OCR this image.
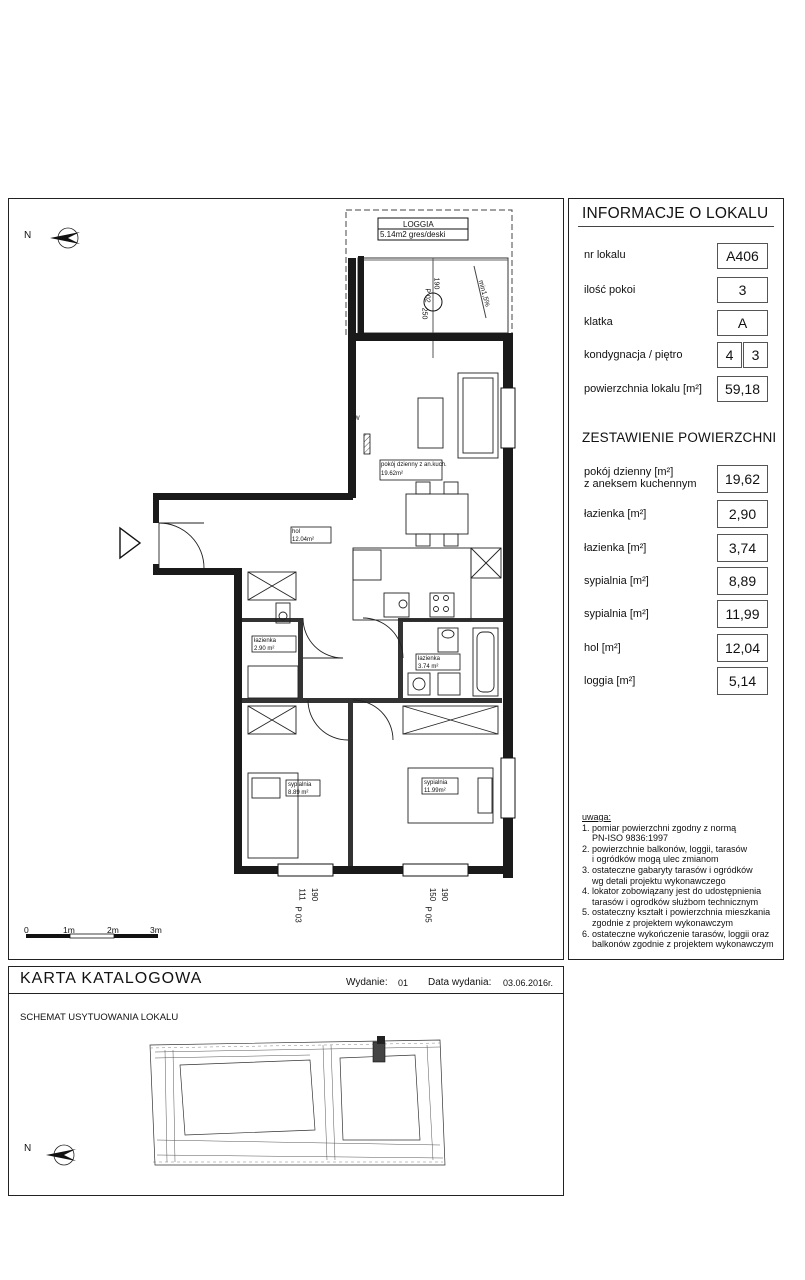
LOGGIA
5.14m2 gres/deski
P 02
190
250
min1,5%
W
pokój dzienny z an.kuch.
19.62m²
hol
12.04m²
łazienka
2.90 m²
łazienka
3.74 m²
sypialnia
8.89 m²
sypialnia
11.99m²
P 03
111 190
P 05
150 190
N
0	1m	2m	3m
INFORMACJE O LOKALU
nr lokalu	A406
ilość pokoi	3
klatka	A
kondygnacja / piętro	4	3
powierzchnia lokalu [m²]	59,18
ZESTAWIENIE POWIERZCHNI
pokój dzienny [m²]
z aneksem kuchennym	19,62
łazienka [m²]	2,90
łazienka [m²]	3,74
sypialnia [m²]	8,89
sypialnia [m²]	11,99
hol [m²]	12,04
loggia [m²]	5,14
uwaga:
1. pomiar powierzchni zgodny z normą
PN-ISO 9836:1997
2. powierzchnie balkonów, loggii, tarasów
i ogródków mogą ulec zmianom
3. ostateczne gabaryty tarasów i ogródków
wg detali projektu wykonawczego
4. lokator zobowiązany jest do udostępnienia
tarasów i ogrodków służbom technicznym
5. ostateczny kształt i powierzchnia mieszkania
zgodnie z projektem wykonawczym
6. ostateczne wykończenie tarasów, loggii oraz
balkonów zgodnie z projektem wykonawczym
KARTA KATALOGOWA	Wydanie: 01 Data wydania: 03.06.2016r.
SCHEMAT USYTUOWANIA LOKALU
N
